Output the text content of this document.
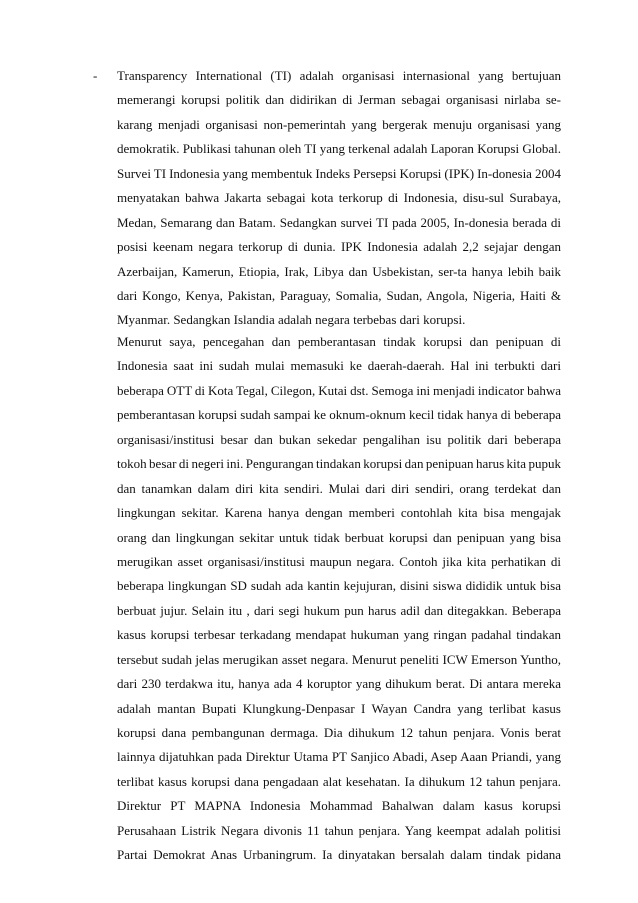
- Transparency International (TI) adalah organisasi internasional yang bertujuan
memerangi korupsi politik dan didirikan di Jerman sebagai organisasi nirlaba se-
karang menjadi organisasi non-pemerintah yang bergerak menuju organisasi yang
demokratik. Publikasi tahunan oleh TI yang terkenal adalah Laporan Korupsi Global.
Survei TI Indonesia yang membentuk Indeks Persepsi Korupsi (IPK) In-donesia 2004
menyatakan bahwa Jakarta sebagai kota terkorup di Indonesia, disu-sul Surabaya,
Medan, Semarang dan Batam. Sedangkan survei TI pada 2005, In-donesia berada di
posisi keenam negara terkorup di dunia. IPK Indonesia adalah 2,2 sejajar dengan
Azerbaijan, Kamerun, Etiopia, Irak, Libya dan Usbekistan, ser-ta hanya lebih baik
dari Kongo, Kenya, Pakistan, Paraguay, Somalia, Sudan, Angola, Nigeria, Haiti &
Myanmar. Sedangkan Islandia adalah negara terbebas dari korupsi.
Menurut saya, pencegahan dan pemberantasan tindak korupsi dan penipuan di
Indonesia saat ini sudah mulai memasuki ke daerah-daerah. Hal ini terbukti dari
beberapa OTT di Kota Tegal, Cilegon, Kutai dst. Semoga ini menjadi indicator bahwa
pemberantasan korupsi sudah sampai ke oknum-oknum kecil tidak hanya di beberapa
organisasi/institusi besar dan bukan sekedar pengalihan isu politik dari beberapa
tokoh besar di negeri ini. Pengurangan tindakan korupsi dan penipuan harus kita pupuk
dan tanamkan dalam diri kita sendiri. Mulai dari diri sendiri, orang terdekat dan
lingkungan sekitar. Karena hanya dengan memberi contohlah kita bisa mengajak
orang dan lingkungan sekitar untuk tidak berbuat korupsi dan penipuan yang bisa
merugikan asset organisasi/institusi maupun negara. Contoh jika kita perhatikan di
beberapa lingkungan SD sudah ada kantin kejujuran, disini siswa dididik untuk bisa
berbuat jujur. Selain itu , dari segi hukum pun harus adil dan ditegakkan. Beberapa
kasus korupsi terbesar terkadang mendapat hukuman yang ringan padahal tindakan
tersebut sudah jelas merugikan asset negara. Menurut peneliti ICW Emerson Yuntho,
dari 230 terdakwa itu, hanya ada 4 koruptor yang dihukum berat. Di antara mereka
adalah mantan Bupati Klungkung-Denpasar I Wayan Candra yang terlibat kasus
korupsi dana pembangunan dermaga. Dia dihukum 12 tahun penjara. Vonis berat
lainnya dijatuhkan pada Direktur Utama PT Sanjico Abadi, Asep Aaan Priandi, yang
terlibat kasus korupsi dana pengadaan alat kesehatan. Ia dihukum 12 tahun penjara.
Direktur PT MAPNA Indonesia Mohammad Bahalwan dalam kasus korupsi
Perusahaan Listrik Negara divonis 11 tahun penjara. Yang keempat adalah politisi
Partai Demokrat Anas Urbaningrum. Ia dinyatakan bersalah dalam tindak pidana
